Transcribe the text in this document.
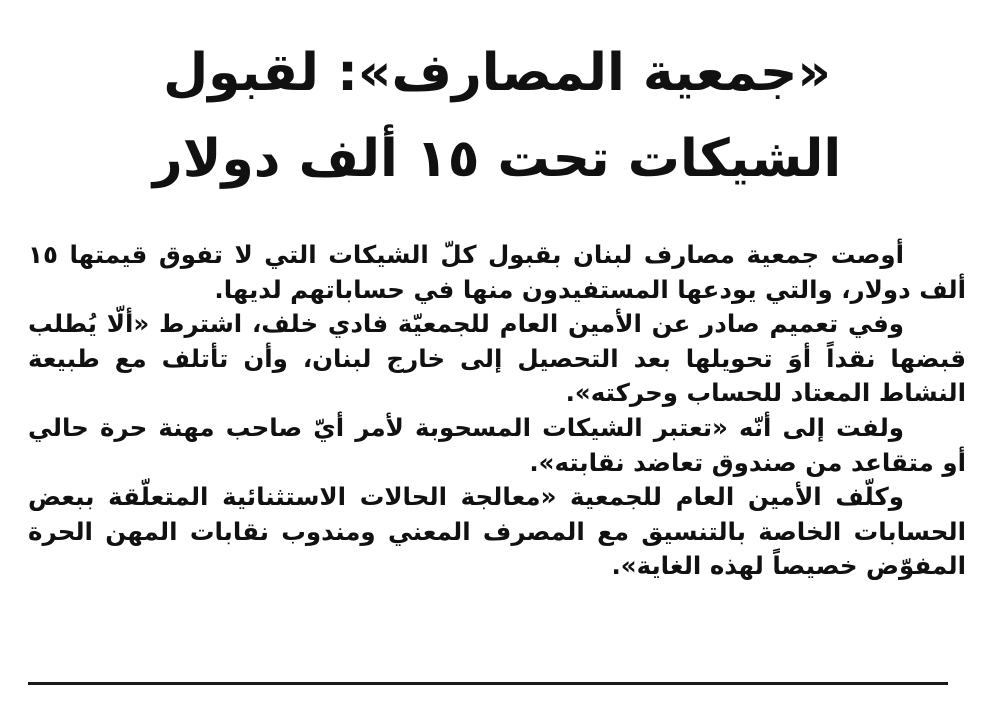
«جمعية المصارف»: لقبول
الشيكات تحت ١٥ ألف دولار

أوصت جمعية مصارف لبنان بقبول كلّ الشيكات التي لا تفوق قيمتها ١٥ ألف دولار، والتي يودعها المستفيدون منها في حساباتهم لديها.

وفي تعميم صادر عن الأمين العام للجمعيّة فادي خلف، اشترط «ألّا يُطلب قبضها نقداً أوَ تحويلها بعد التحصيل إلى خارج لبنان، وأن تأتلف مع طبيعة النشاط المعتاد للحساب وحركته».

ولفت إلى أنّه «تعتبر الشيكات المسحوبة لأمر أيّ صاحب مهنة حرة حالي أو متقاعد من صندوق تعاضد نقابته».

وكلّف الأمين العام للجمعية «معالجة الحالات الاستثنائية المتعلّقة ببعض الحسابات الخاصة بالتنسيق مع المصرف المعني ومندوب نقابات المهن الحرة المفوّض خصيصاً لهذه الغاية».
